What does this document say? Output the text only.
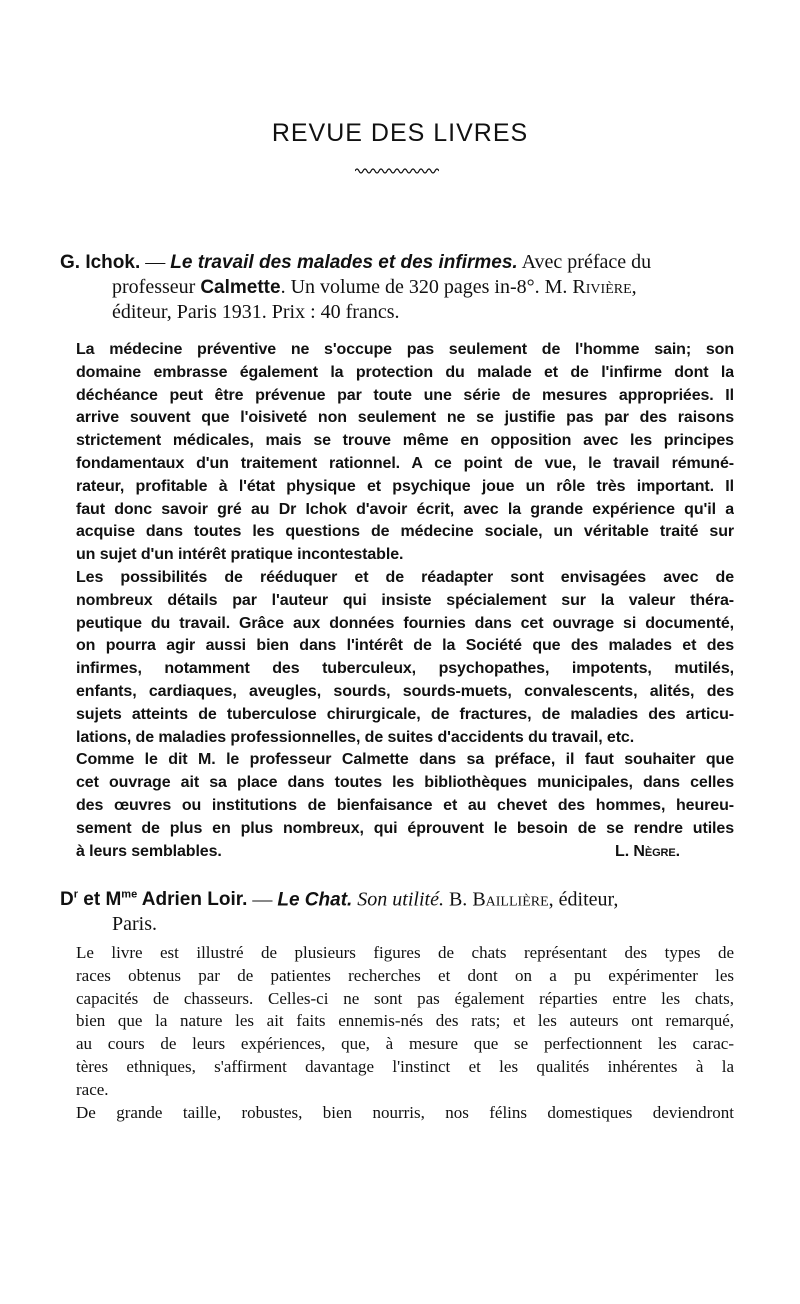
REVUE DES LIVRES
G. Ichok. — Le travail des malades et des infirmes. Avec préface du
professeur Calmette. Un volume de 320 pages in-8°. M. Rivière,
éditeur, Paris 1931. Prix : 40 francs.
La médecine préventive ne s'occupe pas seulement de l'homme sain; son
domaine embrasse également la protection du malade et de l'infirme dont la
déchéance peut être prévenue par toute une série de mesures appropriées. Il
arrive souvent que l'oisiveté non seulement ne se justifie pas par des raisons
strictement médicales, mais se trouve même en opposition avec les principes
fondamentaux d'un traitement rationnel. A ce point de vue, le travail rémuné-
rateur, profitable à l'état physique et psychique joue un rôle très important. Il
faut donc savoir gré au Dr Ichok d'avoir écrit, avec la grande expérience qu'il a
acquise dans toutes les questions de médecine sociale, un véritable traité sur
un sujet d'un intérêt pratique incontestable.
Les possibilités de rééduquer et de réadapter sont envisagées avec de
nombreux détails par l'auteur qui insiste spécialement sur la valeur théra-
peutique du travail. Grâce aux données fournies dans cet ouvrage si documenté,
on pourra agir aussi bien dans l'intérêt de la Société que des malades et des
infirmes, notamment des tuberculeux, psychopathes, impotents, mutilés,
enfants, cardiaques, aveugles, sourds, sourds-muets, convalescents, alités, des
sujets atteints de tuberculose chirurgicale, de fractures, de maladies des articu-
lations, de maladies professionnelles, de suites d'accidents du travail, etc.
Comme le dit M. le professeur Calmette dans sa préface, il faut souhaiter que
cet ouvrage ait sa place dans toutes les bibliothèques municipales, dans celles
des œuvres ou institutions de bienfaisance et au chevet des hommes, heureu-
sement de plus en plus nombreux, qui éprouvent le besoin de se rendre utiles
à leurs semblables.	L. Nègre.
$D^r$ et $M^{me}$ Adrien Loir. — Le Chat. Son utilité. B. Baillière, éditeur,
Paris.
Le livre est illustré de plusieurs figures de chats représentant des types de
races obtenus par de patientes recherches et dont on a pu expérimenter les
capacités de chasseurs. Celles-ci ne sont pas également réparties entre les chats,
bien que la nature les ait faits ennemis-nés des rats; et les auteurs ont remarqué,
au cours de leurs expériences, que, à mesure que se perfectionnent les carac-
tères ethniques, s'affirment davantage l'instinct et les qualités inhérentes à la
race.
De grande taille, robustes, bien nourris, nos félins domestiques deviendront
